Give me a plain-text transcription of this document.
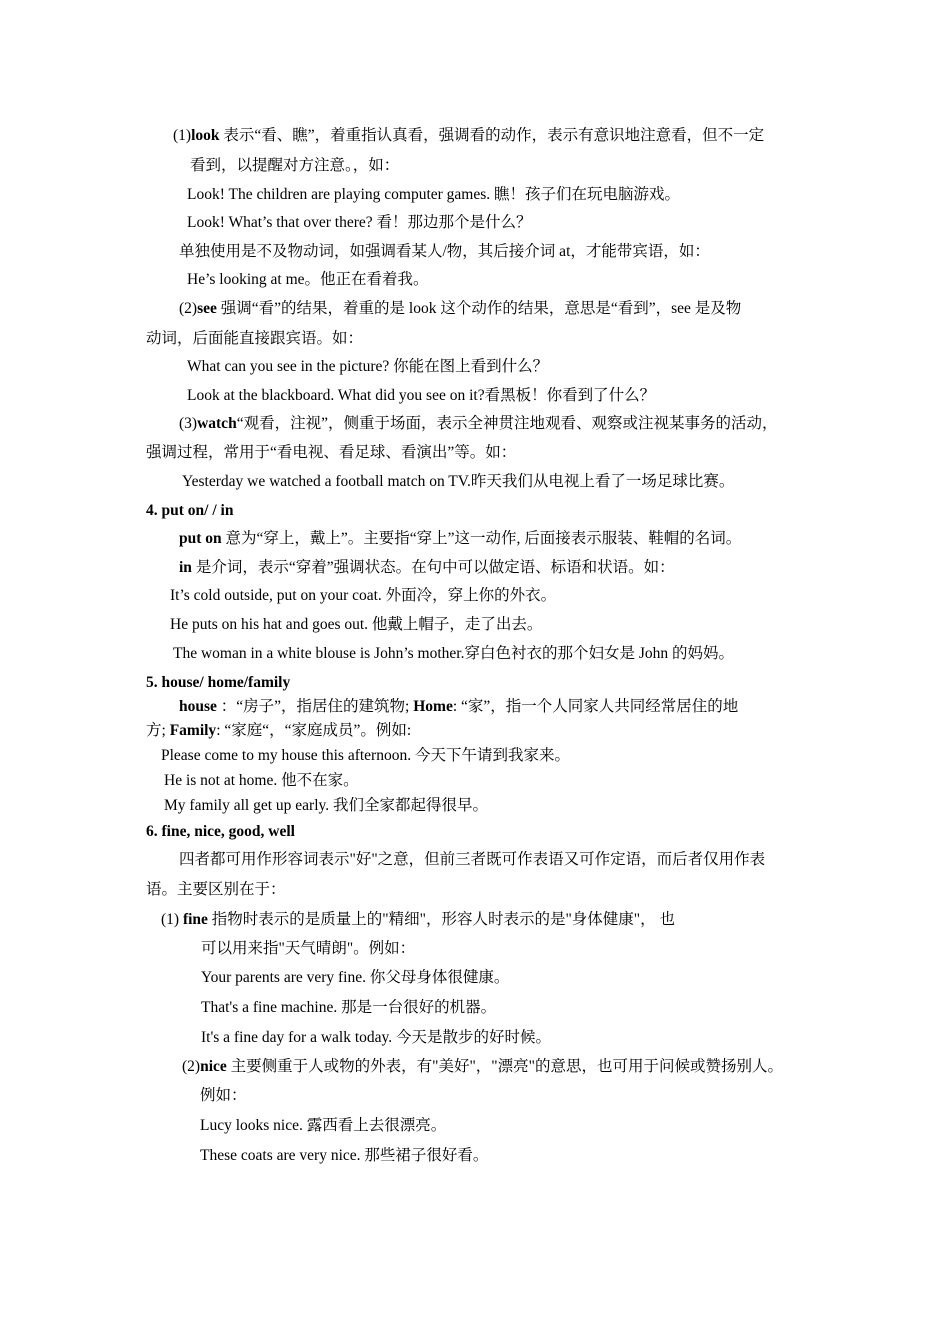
(1)look 表示“看、瞧”，着重指认真看，强调看的动作，表示有意识地注意看，但不一定
看到，以提醒对方注意。，如：
Look! The children are playing computer games. 瞧！孩子们在玩电脑游戏。
Look! What’s that over there? 看！那边那个是什么？
单独使用是不及物动词，如强调看某人/物，其后接介词 at，才能带宾语，如：
He’s looking at me。他正在看着我。
(2)see 强调“看”的结果，着重的是 look 这个动作的结果，意思是“看到”，see 是及物
动词，后面能直接跟宾语。如：
What can you see in the picture? 你能在图上看到什么？
Look at the blackboard. What did you see on it?看黑板！你看到了什么？
(3)watch“观看，注视”，侧重于场面，表示全神贯注地观看、观察或注视某事务的活动，
强调过程，常用于“看电视、看足球、看演出”等。如：
Yesterday we watched a football match on TV.昨天我们从电视上看了一场足球比赛。
4. put on/ / in
put on 意为“穿上，戴上”。主要指“穿上”这一动作, 后面接表示服装、鞋帽的名词。
in 是介词，表示“穿着”强调状态。在句中可以做定语、标语和状语。如：
It’s cold outside, put on your coat. 外面冷，穿上你的外衣。
He puts on his hat and goes out. 他戴上帽子，走了出去。
The woman in a white blouse is John’s mother.穿白色衬衣的那个妇女是 John 的妈妈。
5. house/ home/family
house ：“房子”，指居住的建筑物; Home: “家”，指一个人同家人共同经常居住的地
方; Family: “家庭“，“家庭成员”。例如:
Please come to my house this afternoon. 今天下午请到我家来。
He is not at home. 他不在家。
My family all get up early. 我们全家都起得很早。
6. fine, nice, good, well
四者都可用作形容词表示"好"之意，但前三者既可作表语又可作定语，而后者仅用作表
语。主要区别在于：
(1) fine 指物时表示的是质量上的"精细"，形容人时表示的是"身体健康"， 也
可以用来指"天气晴朗"。例如：
Your parents are very fine. 你父母身体很健康。
That's a fine machine. 那是一台很好的机器。
It's a fine day for a walk today. 今天是散步的好时候。
(2)nice 主要侧重于人或物的外表，有"美好"，"漂亮"的意思，也可用于问候或赞扬别人。
例如：
Lucy looks nice. 露西看上去很漂亮。
These coats are very nice. 那些裙子很好看。
